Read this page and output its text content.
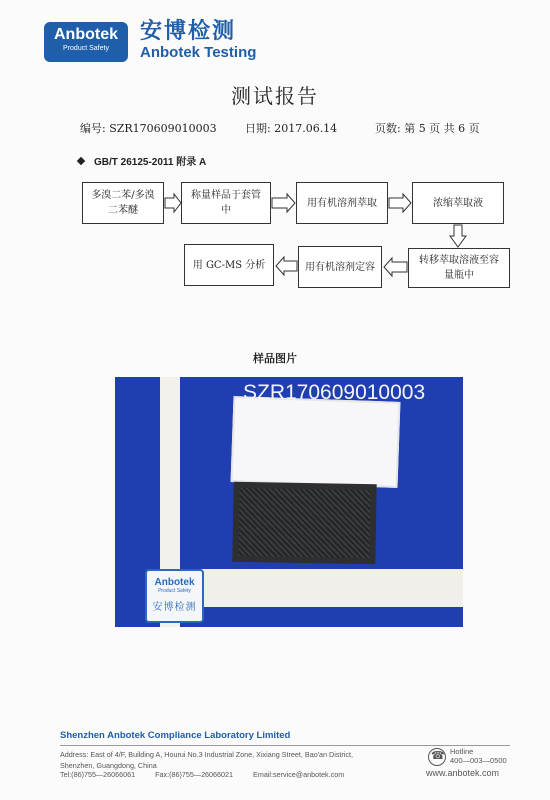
Anbotek
Product Safety
安博检测
Anbotek Testing
测试报告
编号: SZR170609010003	日期: 2017.06.14	页数: 第 5 页 共 6 页
GB/T 26125-2011 附录 A
多溴二苯/多溴二苯醚
称量样品于套管中
用有机溶剂萃取	浓缩萃取液
转移萃取溶液至容量瓶中
用有机溶剂定容
用 GC-MS 分析
样品图片
SZR170609010003
Anbotek
Product Safety
安博检测
Shenzhen Anbotek Compliance Laboratory Limited
Address: East of 4/F, Building A, Hourui No.3 Industrial Zone, Xixiang Street, Bao'an District,
Shenzhen, Guangdong, China
Tel:(86)755—26066061	Fax:(86)755—26066021	Email:service@anbotek.com
☎
Hotline
400—003—0500
www.anbotek.com
